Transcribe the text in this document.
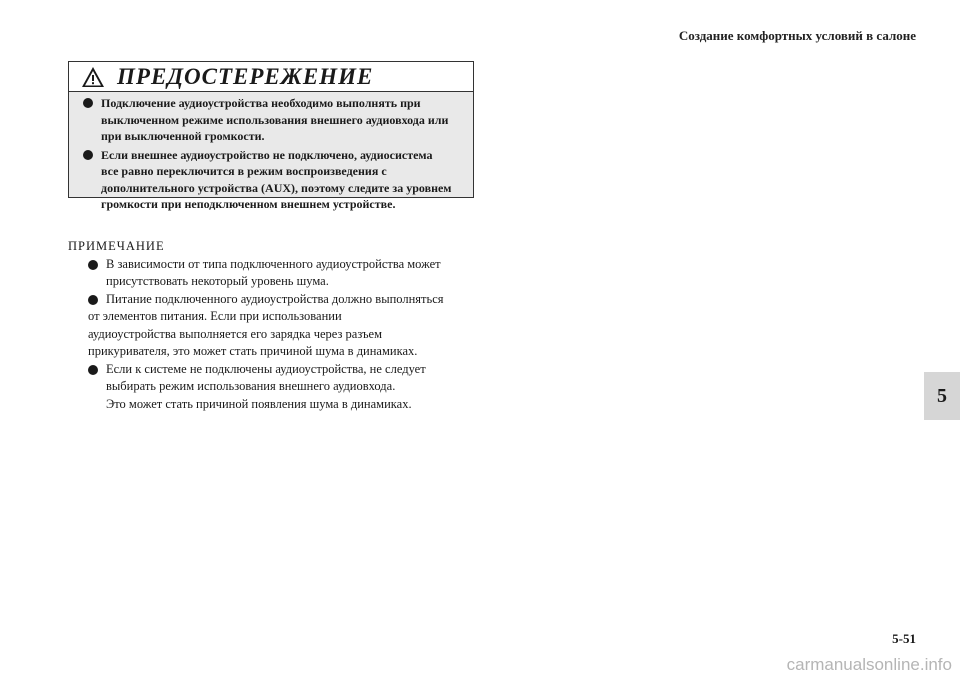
Создание комфортных условий в салоне
ПРЕДОСТЕРЕЖЕНИЕ
Подключение аудиоустройства необходимо выполнять при
выключенном режиме использования внешнего аудиовхода или
при выключенной громкости.
Если внешнее аудиоустройство не подключено, аудиосистема
все равно переключится в режим воспроизведения с
дополнительного устройства (AUX), поэтому следите за уровнем
громкости при неподключенном внешнем устройстве.
ПРИМЕЧАНИЕ
В зависимости от типа подключенного аудиоустройства может
присутствовать некоторый уровень шума.
Питание подключенного аудиоустройства должно выполняться
от элементов питания. Если при использовании
аудиоустройства выполняется его зарядка через разъем
прикуривателя, это может стать причиной шума в динамиках.
Если к системе не подключены аудиоустройства, не следует
выбирать режим использования внешнего аудиовхода.
Это может стать причиной появления шума в динамиках.	5
5-51
carmanualsonline.info
